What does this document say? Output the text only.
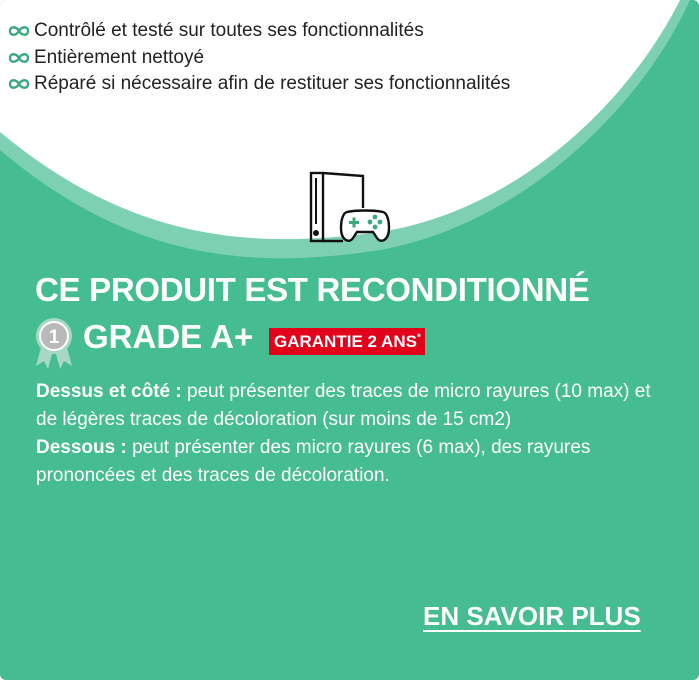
Contrôlé et testé sur toutes ses fonctionnalités
Entièrement nettoyé
Réparé si nécessaire afin de restituer ses fonctionnalités
CE PRODUIT EST RECONDITIONNÉ
1 GRADE A+ GARANTIE 2 ANS*

Dessus et côté : peut présenter des traces de micro rayures (10 max) et de légères traces de décoloration (sur moins de 15 cm2)
Dessous : peut présenter des micro rayures (6 max), des rayures prononcées et des traces de décoloration.

EN SAVOIR PLUS
